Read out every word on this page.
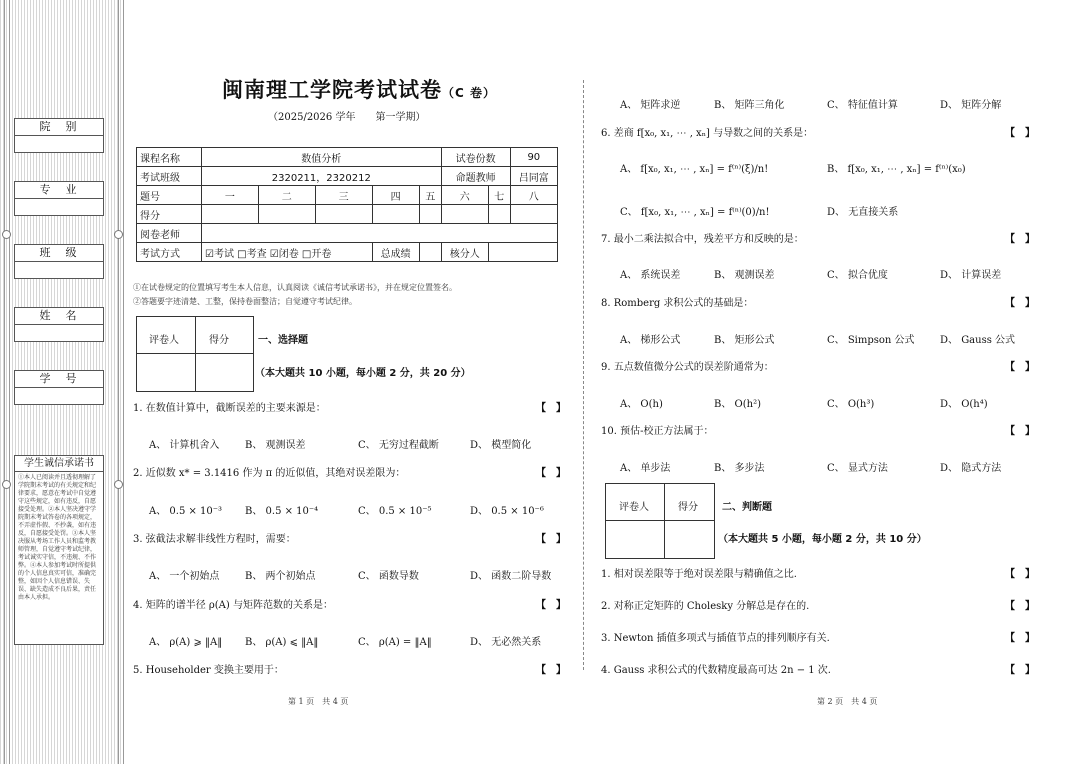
院　别
专　业
班　级
姓　名
学　号
学生诚信承诺书
①本人已阅读并且透彻理解了学院期末考试的有关规定和纪律要求，愿意在考试中自觉遵守这些规定，如有违反，自愿接受处理。②本人坚决遵守学院期末考试答卷的各项规定，不弄虚作假、不抄袭，如有违反，自愿接受处罚。③本人坚决服从考场工作人员和监考教师管理，自觉遵守考试纪律，考试诚实守信，不违规、不作弊。④本人参加考试时所提供的个人信息真实可信，准确完整，如因个人信息错误、失误、缺失造成不良后果，责任由本人承担。
闽南理工学院考试试卷（C 卷）
（2025/2026 学年　　第一学期）
课程名称	数值分析					试卷份数		90
考试班级	2320211，2320212					命题教师		吕同富
题号	一	二	三	四	五	六	七	八
得分								
阅卷老师								
考试方式	☑考试 □考查 ☑闭卷 □开卷			总成绩		核分人		
①在试卷规定的位置填写考生本人信息，认真阅读《诚信考试承诺书》，并在规定位置签名。
②答题要字迹清楚、工整，保持卷面整洁；自觉遵守考试纪律。
评卷人	得分	一、选择题
（本大题共 10 小题，每小题 2 分，共 20 分）
1. 在数值计算中，截断误差的主要来源是：	【　】
A、 计算机舍入	B、 观测误差	C、 无穷过程截断	D、 模型简化
2. 近似数 x* = 3.1416 作为 π 的近似值，其绝对误差限为：	【　】
A、 0.5 × 10⁻³ B、 0.5 × 10⁻⁴	C、 0.5 × 10⁻⁵	D、 0.5 × 10⁻⁶
3. 弦截法求解非线性方程时，需要：	【　】
A、 一个初始点	B、 两个初始点	C、 函数导数	D、 函数二阶导数
4. 矩阵的谱半径 ρ(A) 与矩阵范数的关系是：	【　】
A、 ρ(A) ⩾ ‖A‖ B、 ρ(A) ⩽ ‖A‖	C、 ρ(A) = ‖A‖	D、 无必然关系
5. Householder 变换主要用于：	【　】
第 1 页　共 4 页
A、 矩阵求逆	B、 矩阵三角化	C、 特征值计算	D、 矩阵分解
6. 差商 f[x₀, x₁, ⋯ , xₙ] 与导数之间的关系是：	【　】
A、 f[x₀, x₁, ⋯ , xₙ] = f⁽ⁿ⁾(ξ)/n!	B、 f[x₀, x₁, ⋯ , xₙ] = f⁽ⁿ⁾(x₀)
C、 f[x₀, x₁, ⋯ , xₙ] = f⁽ⁿ⁾(0)/n!	D、 无直接关系
7. 最小二乘法拟合中，残差平方和反映的是：	【　】
A、 系统误差	B、 观测误差	C、 拟合优度	D、 计算误差
8. Romberg 求积公式的基础是：	【　】
A、 梯形公式	B、 矩形公式	C、 Simpson 公式	D、 Gauss 公式
9. 五点数值微分公式的误差阶通常为：	【　】
A、 O(h)	B、 O(h²)	C、 O(h³)	D、 O(h⁴)
10. 预估-校正方法属于：	【　】
A、 单步法	B、 多步法	C、 显式方法	D、 隐式方法
评卷人	得分 二、判断题
（本大题共 5 小题，每小题 2 分，共 10 分）
1. 相对误差限等于绝对误差限与精确值之比.	【　】
2. 对称正定矩阵的 Cholesky 分解总是存在的.	【　】
3. Newton 插值多项式与插值节点的排列顺序有关.	【　】
4. Gauss 求积公式的代数精度最高可达 2n − 1 次.	【　】
第 2 页　共 4 页
